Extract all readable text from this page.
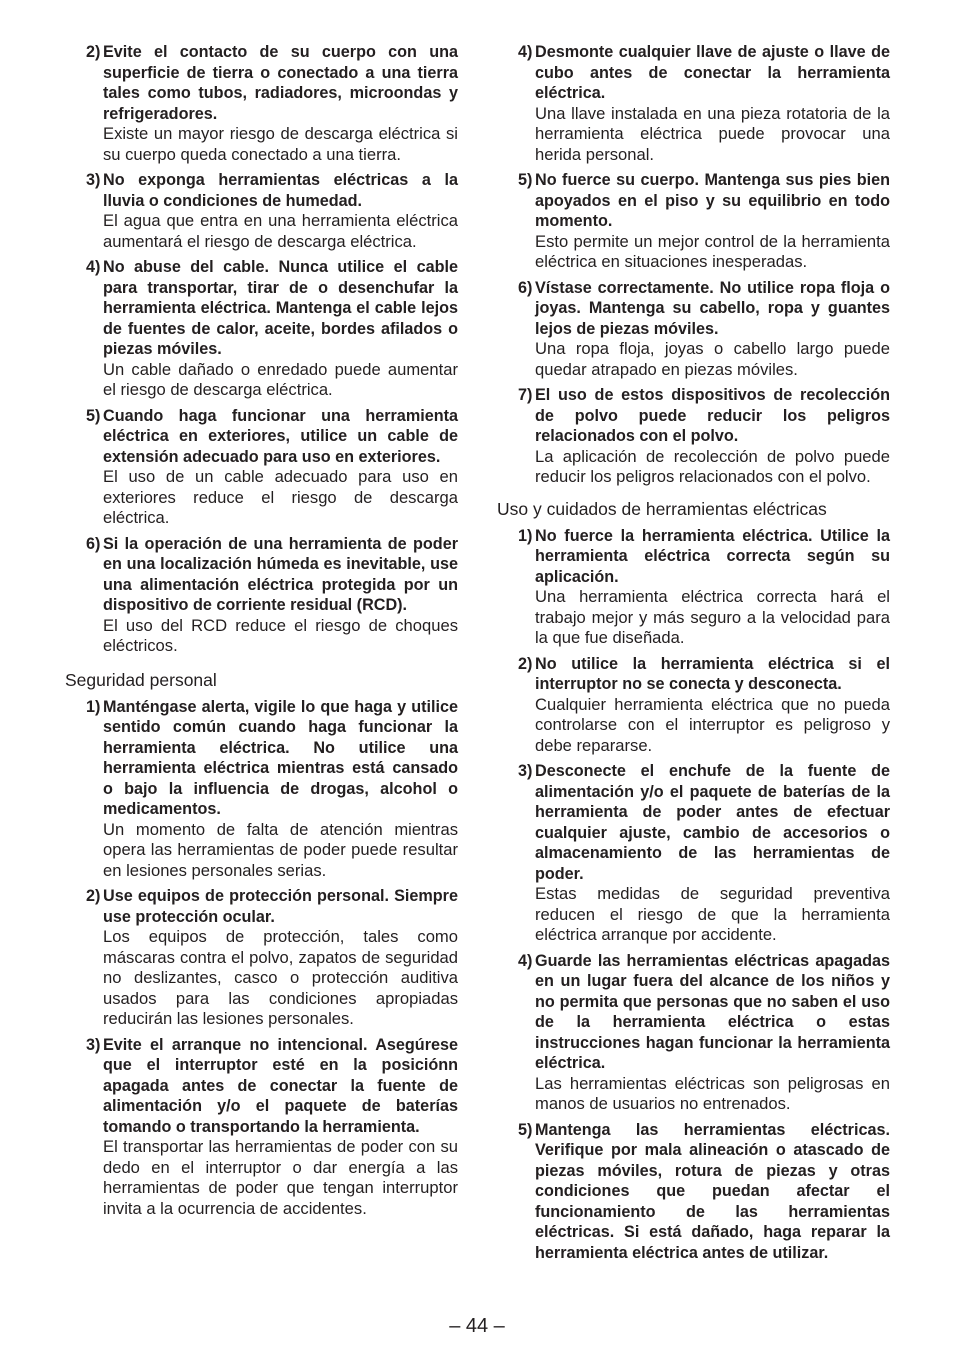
2) Evite el contacto de su cuerpo con una superficie de tierra o conectado a una tierra tales como tubos, radiadores, microondas y refrigeradores.

Existe un mayor riesgo de descarga eléctrica si su cuerpo queda conectado a una tierra.

3) No exponga herramientas eléctricas a la lluvia o condiciones de humedad.

El agua que entra en una herramienta eléctrica aumentará el riesgo de descarga eléctrica.

4) No abuse del cable. Nunca utilice el cable para transportar, tirar de o desenchufar la herramienta eléctrica. Mantenga el cable lejos de fuentes de calor, aceite, bordes afilados o piezas móviles.

Un cable dañado o enredado puede aumentar el riesgo de descarga eléctrica.

5) Cuando haga funcionar una herramienta eléctrica en exteriores, utilice un cable de extensión adecuado para uso en exteriores.

El uso de un cable adecuado para uso en exteriores reduce el riesgo de descarga eléctrica.

6) Si la operación de una herramienta de poder en una localización húmeda es inevitable, use una alimentación eléctrica protegida por un dispositivo de corriente residual (RCD).

El uso del RCD reduce el riesgo de choques eléctricos.

Seguridad personal
1) Manténgase alerta, vigile lo que haga y utilice sentido común cuando haga funcionar la herramienta eléctrica. No utilice una herramienta eléctrica mientras está cansado o bajo la influencia de drogas, alcohol o medicamentos.

Un momento de falta de atención mientras opera las herramientas de poder puede resultar en lesiones personales serias.

2) Use equipos de protección personal. Siempre use protección ocular.

Los equipos de protección, tales como máscaras contra el polvo, zapatos de seguridad no deslizantes, casco o protección auditiva usados para las condiciones apropiadas reducirán las lesiones personales.

3) Evite el arranque no intencional. Asegúrese que el interruptor esté en la posiciónn apagada antes de conectar la fuente de alimentación y/o el paquete de baterías tomando o transportando la herramienta.

El transportar las herramientas de poder con su dedo en el interruptor o dar energía a las herramientas de poder que tengan interruptor invita a la ocurrencia de accidentes.

4) Desmonte cualquier llave de ajuste o llave de cubo antes de conectar la herramienta eléctrica.

Una llave instalada en una pieza rotatoria de la herramienta eléctrica puede provocar una herida personal.

5) No fuerce su cuerpo. Mantenga sus pies bien apoyados en el piso y su equilibrio en todo momento.

Esto permite un mejor control de la herramienta eléctrica en situaciones inesperadas.

6) Vístase correctamente. No utilice ropa floja o joyas. Mantenga su cabello, ropa y guantes lejos de piezas móviles.

Una ropa floja, joyas o cabello largo puede quedar atrapado en piezas móviles.

7) El uso de estos dispositivos de recolección de polvo puede reducir los peligros relacionados con el polvo.

La aplicación de recolección de polvo puede reducir los peligros relacionados con el polvo.

Uso y cuidados de herramientas eléctricas
1) No fuerce la herramienta eléctrica. Utilice la herramienta eléctrica correcta según su aplicación.

Una herramienta eléctrica correcta hará el trabajo mejor y más seguro a la velocidad para la que fue diseñada.

2) No utilice la herramienta eléctrica si el interruptor no se conecta y desconecta.

Cualquier herramienta eléctrica que no pueda controlarse con el interruptor es peligroso y debe repararse.

3) Desconecte el enchufe de la fuente de alimentación y/o el paquete de baterías de la herramienta de poder antes de efectuar cualquier ajuste, cambio de accesorios o almacenamiento de las herramientas de poder.

Estas medidas de seguridad preventiva reducen el riesgo de que la herramienta eléctrica arranque por accidente.

4) Guarde las herramientas eléctricas apagadas en un lugar fuera del alcance de los niños y no permita que personas que no saben el uso de la herramienta eléctrica o estas instrucciones hagan funcionar la herramienta eléctrica.

Las herramientas eléctricas son peligrosas en manos de usuarios no entrenados.

5) Mantenga las herramientas eléctricas. Verifique por mala alineación o atascado de piezas móviles, rotura de piezas y otras condiciones que puedan afectar el funcionamiento de las herramientas eléctricas. Si está dañado, haga reparar la herramienta eléctrica antes de utilizar.

– 44 –
